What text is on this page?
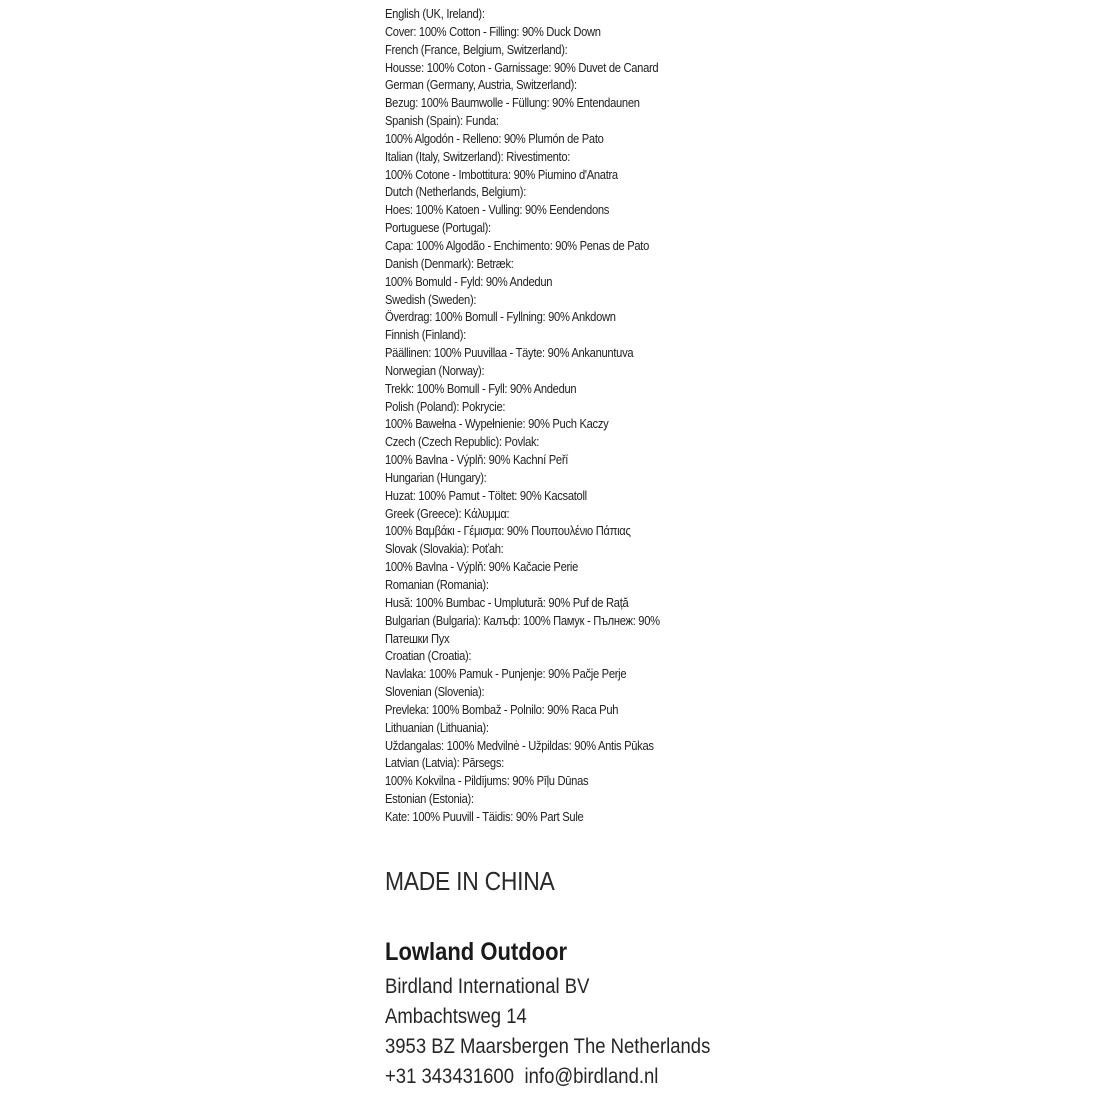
English (UK, Ireland):
Cover: 100% Cotton - Filling: 90% Duck Down
French (France, Belgium, Switzerland):
Housse: 100% Coton - Garnissage: 90% Duvet de Canard
German (Germany, Austria, Switzerland):
Bezug: 100% Baumwolle - Füllung: 90% Entendaunen
Spanish (Spain): Funda:
100% Algodón - Relleno: 90% Plumón de Pato
Italian (Italy, Switzerland): Rivestimento:
100% Cotone - Imbottitura: 90% Piumino d'Anatra
Dutch (Netherlands, Belgium):
Hoes: 100% Katoen - Vulling: 90% Eendendons
Portuguese (Portugal):
Capa: 100% Algodão - Enchimento: 90% Penas de Pato
Danish (Denmark): Betræk:
100% Bomuld - Fyld: 90% Andedun
Swedish (Sweden):
Överdrag: 100% Bomull - Fyllning: 90% Ankdown
Finnish (Finland):
Päällinen: 100% Puuvillaa - Täyte: 90% Ankanuntuva
Norwegian (Norway):
Trekk: 100% Bomull - Fyll: 90% Andedun
Polish (Poland): Pokrycie:
100% Bawełna - Wypełnienie: 90% Puch Kaczy
Czech (Czech Republic): Povlak:
100% Bavlna - Výplň: 90% Kachní Peří
Hungarian (Hungary):
Huzat: 100% Pamut - Töltet: 90% Kacsatoll
Greek (Greece): Κάλυμμα:
100% Βαμβάκι - Γέμισμα: 90% Πουπουλένιο Πάπιας
Slovak (Slovakia): Poťah:
100% Bavlna - Výplň: 90% Kačacie Perie
Romanian (Romania):
Husă: 100% Bumbac - Umplutură: 90% Puf de Rață
Bulgarian (Bulgaria): Калъф: 100% Памук - Пълнеж: 90%
Патешки Пух
Croatian (Croatia):
Navlaka: 100% Pamuk - Punjenje: 90% Pačje Perje
Slovenian (Slovenia):
Prevleka: 100% Bombaž - Polnilo: 90% Raca Puh
Lithuanian (Lithuania):
Uždangalas: 100% Medvilnė - Užpildas: 90% Antis Pūkas
Latvian (Latvia): Pārsegs:
100% Kokvilna - Pildījums: 90% Pīļu Dūnas
Estonian (Estonia):
Kate: 100% Puuvill - Täidis: 90% Part Sule
MADE IN CHINA
Lowland Outdoor
Birdland International BV
Ambachtsweg 14
3953 BZ Maarsbergen The Netherlands
+31 343431600 info@birdland.nl
